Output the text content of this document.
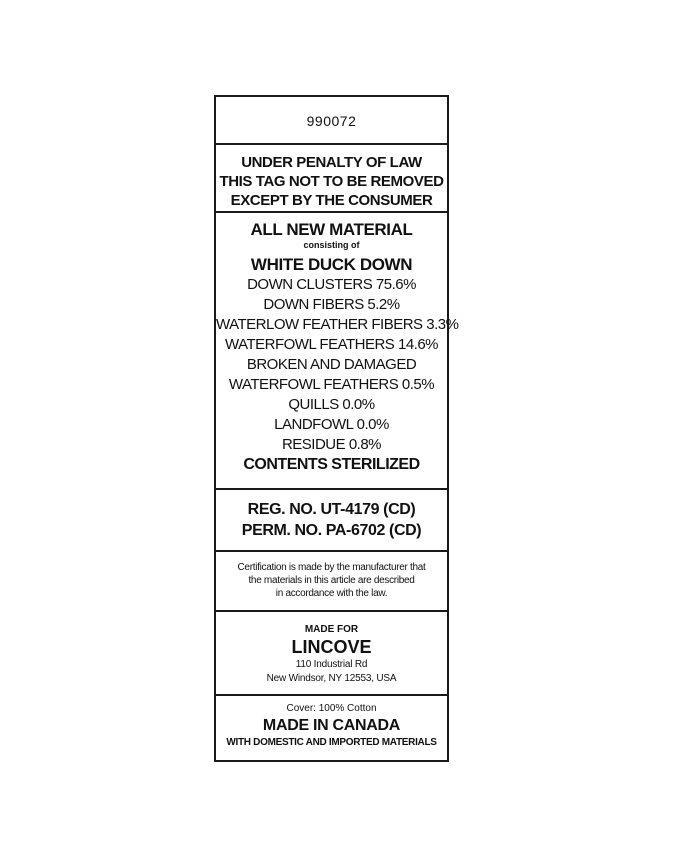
990072
UNDER PENALTY OF LAW
THIS TAG NOT TO BE REMOVED
EXCEPT BY THE CONSUMER
ALL NEW MATERIAL
consisting of
WHITE DUCK DOWN
DOWN CLUSTERS 75.6%
DOWN FIBERS 5.2%
WATERLOW FEATHER FIBERS 3.3%
WATERFOWL FEATHERS 14.6%
BROKEN AND DAMAGED
WATERFOWL FEATHERS 0.5%
QUILLS 0.0%
LANDFOWL 0.0%
RESIDUE 0.8%
CONTENTS STERILIZED
REG. NO. UT-4179 (CD)
PERM. NO. PA-6702 (CD)
Certification is made by the manufacturer that
the materials in this article are described
in accordance with the law.
MADE FOR
LINCOVE
110 Industrial Rd
New Windsor, NY 12553, USA
Cover: 100% Cotton
MADE IN CANADA
WITH DOMESTIC AND IMPORTED MATERIALS
